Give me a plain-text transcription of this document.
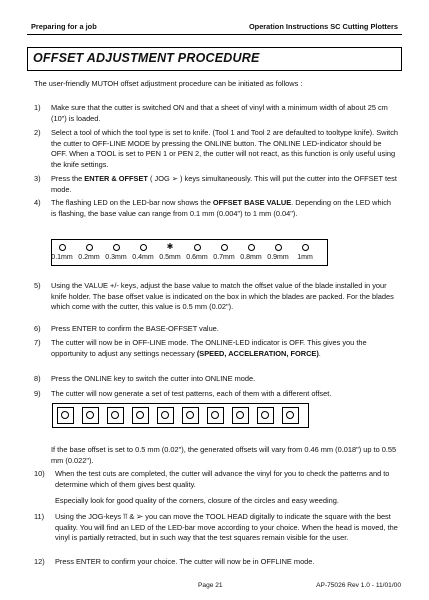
Preparing for a job	Operation Instructions SC Cutting Plotters
OFFSET ADJUSTMENT PROCEDURE
The user-friendly MUTOH offset adjustment procedure can be initiated as follows :
1) Make sure that the cutter is switched ON and that a sheet of vinyl with a minimum width of about 25 cm (10") is loaded.
2) Select a tool of which the tool type is set to knife. (Tool 1 and Tool 2 are defaulted to tooltype knife). Switch the cutter to OFF-LINE MODE by pressing the ONLINE button. The ONLINE LED-indicator should be OFF. When a TOOL is set to PEN 1 or PEN 2, the cutter will not react, as this function is only useful using the knife settings.
3) Press the ENTER & OFFSET ( JOG ➢ ) keys simultaneously. This will put the cutter into the OFFSET test mode.
4) The flashing LED on the LED-bar now shows the OFFSET BASE VALUE. Depending on the LED which is flashing, the base value can range from 0.1 mm (0.004") to 1 mm (0.04").
0.1mm 0.2mm 0.3mm 0.4mm
✱
0.5mm 0.6mm 0.7mm 0.8mm 0.9mm	1mm
5) Using the VALUE +/- keys, adjust the base value to match the offset value of the blade installed in your knife holder. The base offset value is indicated on the box in which the blades are packed. For the blades which come with the cutter, this value is 0.5 mm (0.02").
6) Press ENTER to confirm the BASE-OFFSET value.
7) The cutter will now be in OFF-LINE mode. The ONLINE-LED indicator is OFF. This gives you the opportunity to adjust any settings necessary (SPEED, ACCELERATION, FORCE).
8) Press the ONLINE key to switch the cutter into ONLINE mode.
9) The cutter will now generate a set of test patterns, each of them with a different offset.
If the base offset is set to 0.5 mm (0.02"), the generated offsets will vary from 0.46 mm (0.018") up to 0.55 mm (0.022").
10) When the test cuts are completed, the cutter will advance the vinyl for you to check the patterns and to determine which of them gives best quality.
Especially look for good quality of the corners, closure of the circles and easy weeding.
11) Using the JOG-keys ⫪ & ➢ you can move the TOOL HEAD digitally to indicate the square with the best quality. You will find an LED of the LED-bar move according to your choice. When the head is moved, the vinyl is partially retracted, but in such way that the test squares remain visible for the user.
12) Press ENTER to confirm your choice. The cutter will now be in OFFLINE mode.
Page 21	AP-75026 Rev 1.0 - 11/01/00
